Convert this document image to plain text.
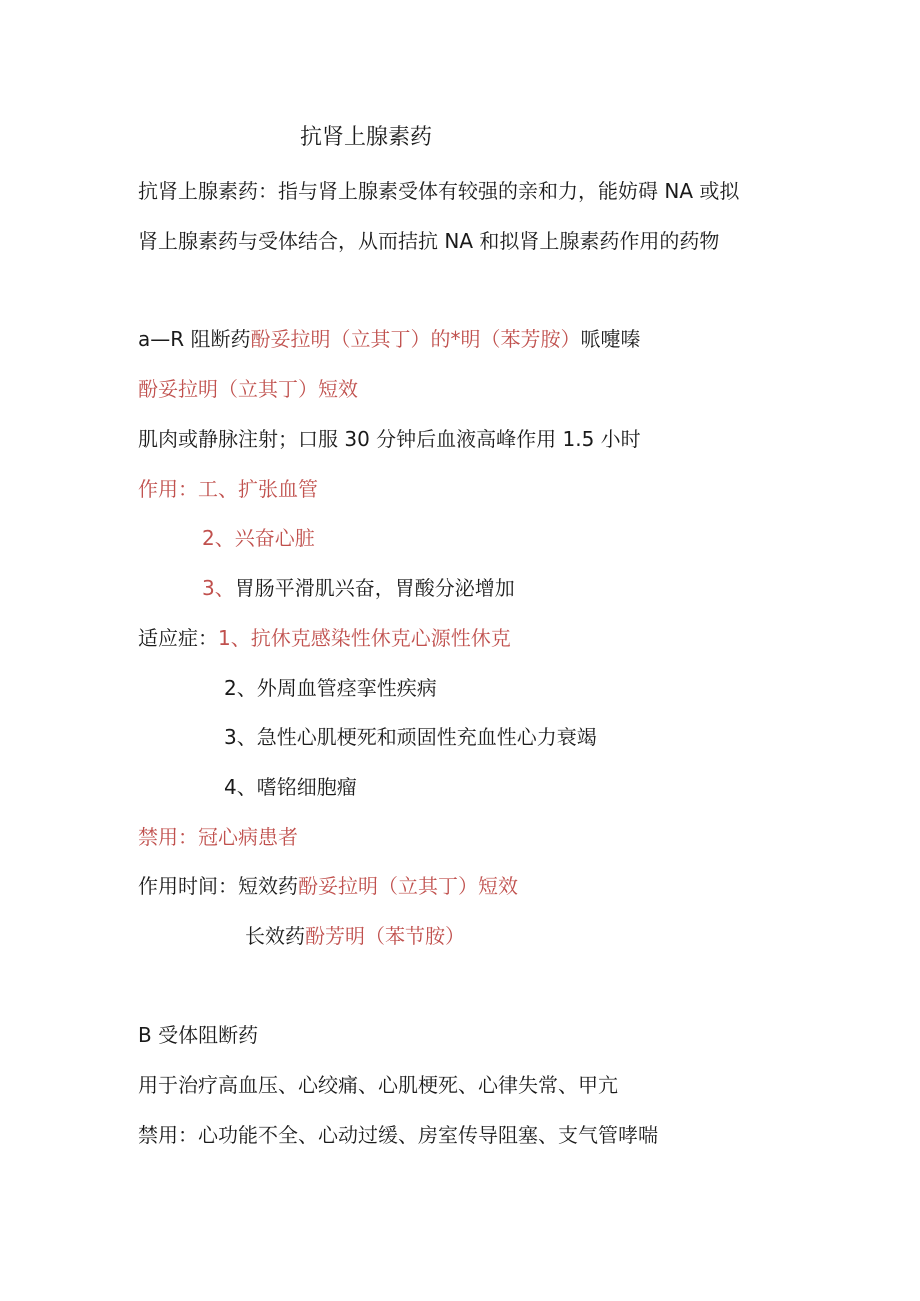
抗肾上腺素药
抗肾上腺素药：指与肾上腺素受体有较强的亲和力，能妨碍 NA 或拟
肾上腺素药与受体结合，从而拮抗 NA 和拟肾上腺素药作用的药物
a—R 阻断药酚妥拉明（立其丁）的*明（苯芳胺）哌嚏嗪
酚妥拉明（立其丁）短效
肌肉或静脉注射；口服 30 分钟后血液高峰作用 1.5 小时
作用：工、扩张血管
2、兴奋心脏
3、胃肠平滑肌兴奋，胃酸分泌增加
适应症：1、抗休克感染性休克心源性休克
2、外周血管痉挛性疾病
3、急性心肌梗死和顽固性充血性心力衰竭
4、嗜铭细胞瘤
禁用：冠心病患者
作用时间：短效药酚妥拉明（立其丁）短效
长效药酚芳明（苯节胺）
B 受体阻断药
用于治疗高血压、心绞痛、心肌梗死、心律失常、甲亢
禁用：心功能不全、心动过缓、房室传导阻塞、支气管哮喘
